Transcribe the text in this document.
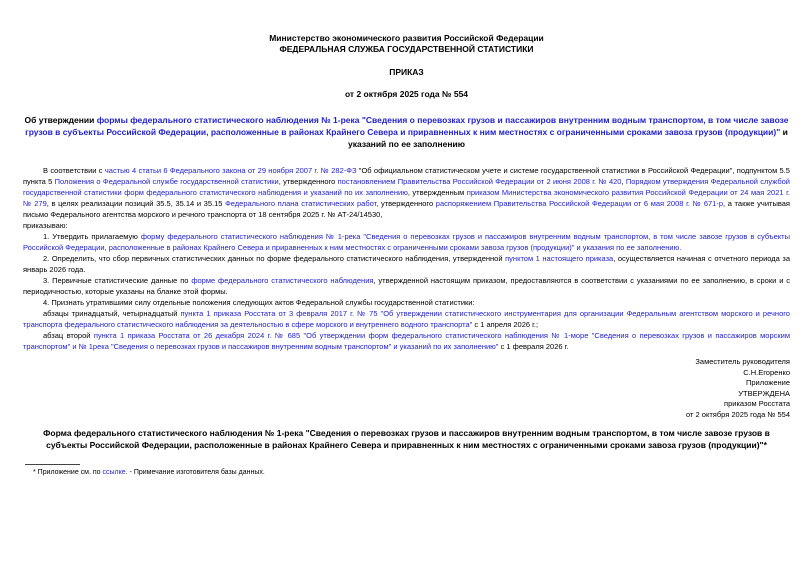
Министерство экономического развития Российской Федерации
ФЕДЕРАЛЬНАЯ СЛУЖБА ГОСУДАРСТВЕННОЙ СТАТИСТИКИ
ПРИКАЗ
от 2 октября 2025 года № 554
Об утверждении формы федерального статистического наблюдения № 1-река "Сведения о перевозках грузов и пассажиров внутренним водным транспортом, в том числе завозе грузов в субъекты Российской Федерации, расположенные в районах Крайнего Севера и приравненных к ним местностях с ограниченными сроками завоза грузов (продукции)" и указаний по ее заполнению

В соответствии с частью 4 статьи 6 Федерального закона от 29 ноября 2007 г. № 282-ФЗ "Об официальном статистическом учете и системе государственной статистики в Российской Федерации", подпунктом 5.5 пункта 5 Положения о Федеральной службе государственной статистики, утвержденного постановлением Правительства Российской Федерации от 2 июня 2008 г. № 420, Порядком утверждения Федеральной службой государственной статистики форм федерального статистического наблюдения и указаний по их заполнению, утвержденным приказом Министерства экономического развития Российской Федерации от 24 мая 2021 г. № 279, в целях реализации позиций 35.5, 35.14 и 35.15 Федерального плана статистических работ, утвержденного распоряжением Правительства Российской Федерации от 6 мая 2008 г. № 671-р, а также учитывая письмо Федерального агентства морского и речного транспорта от 18 сентября 2025 г. № АТ-24/14530,

приказываю:

1. Утвердить прилагаемую форму федерального статистического наблюдения № 1-река "Сведения о перевозках грузов и пассажиров внутренним водным транспортом, в том числе завозе грузов в субъекты Российской Федерации, расположенные в районах Крайнего Севера и приравненных к ним местностях с ограниченными сроками завоза грузов (продукции)" и указания по ее заполнению.

2. Определить, что сбор первичных статистических данных по форме федерального статистического наблюдения, утвержденной пунктом 1 настоящего приказа, осуществляется начиная с отчетного периода за январь 2026 года.

3. Первичные статистические данные по форме федерального статистического наблюдения, утвержденной настоящим приказом, предоставляются в соответствии с указаниями по ее заполнению, в сроки и с периодичностью, которые указаны на бланке этой формы.

4. Признать утратившими силу отдельные положения следующих актов Федеральной службы государственной статистики:

абзацы тринадцатый, четырнадцатый пункта 1 приказа Росстата от 3 февраля 2017 г. № 75 "Об утверждении статистического инструментария для организации Федеральным агентством морского и речного транспорта федерального статистического наблюдения за деятельностью в сфере морского и внутреннего водного транспорта" с 1 апреля 2026 г.;

абзац второй пункта 1 приказа Росстата от 26 декабря 2024 г. № 685 "Об утверждении форм федерального статистического наблюдения № 1-море "Сведения о перевозках грузов и пассажиров морским транспортом" и № 1река "Сведения о перевозках грузов и пассажиров внутренним водным транспортом" и указаний по их заполнению" с 1 февраля 2026 г.

Заместитель руководителя
С.Н.Егоренко
Приложение
УТВЕРЖДЕНА
приказом Росстата
от 2 октября 2025 года № 554
Форма федерального статистического наблюдения № 1-река "Сведения о перевозках грузов и пассажиров внутренним водным транспортом, в том числе завозе грузов в субъекты Российской Федерации, расположенные в районах Крайнего Севера и приравненных к ним местностях с ограниченными сроками завоза грузов (продукции)"*
* Приложение см. по ссылке. - Примечание изготовителя базы данных.
